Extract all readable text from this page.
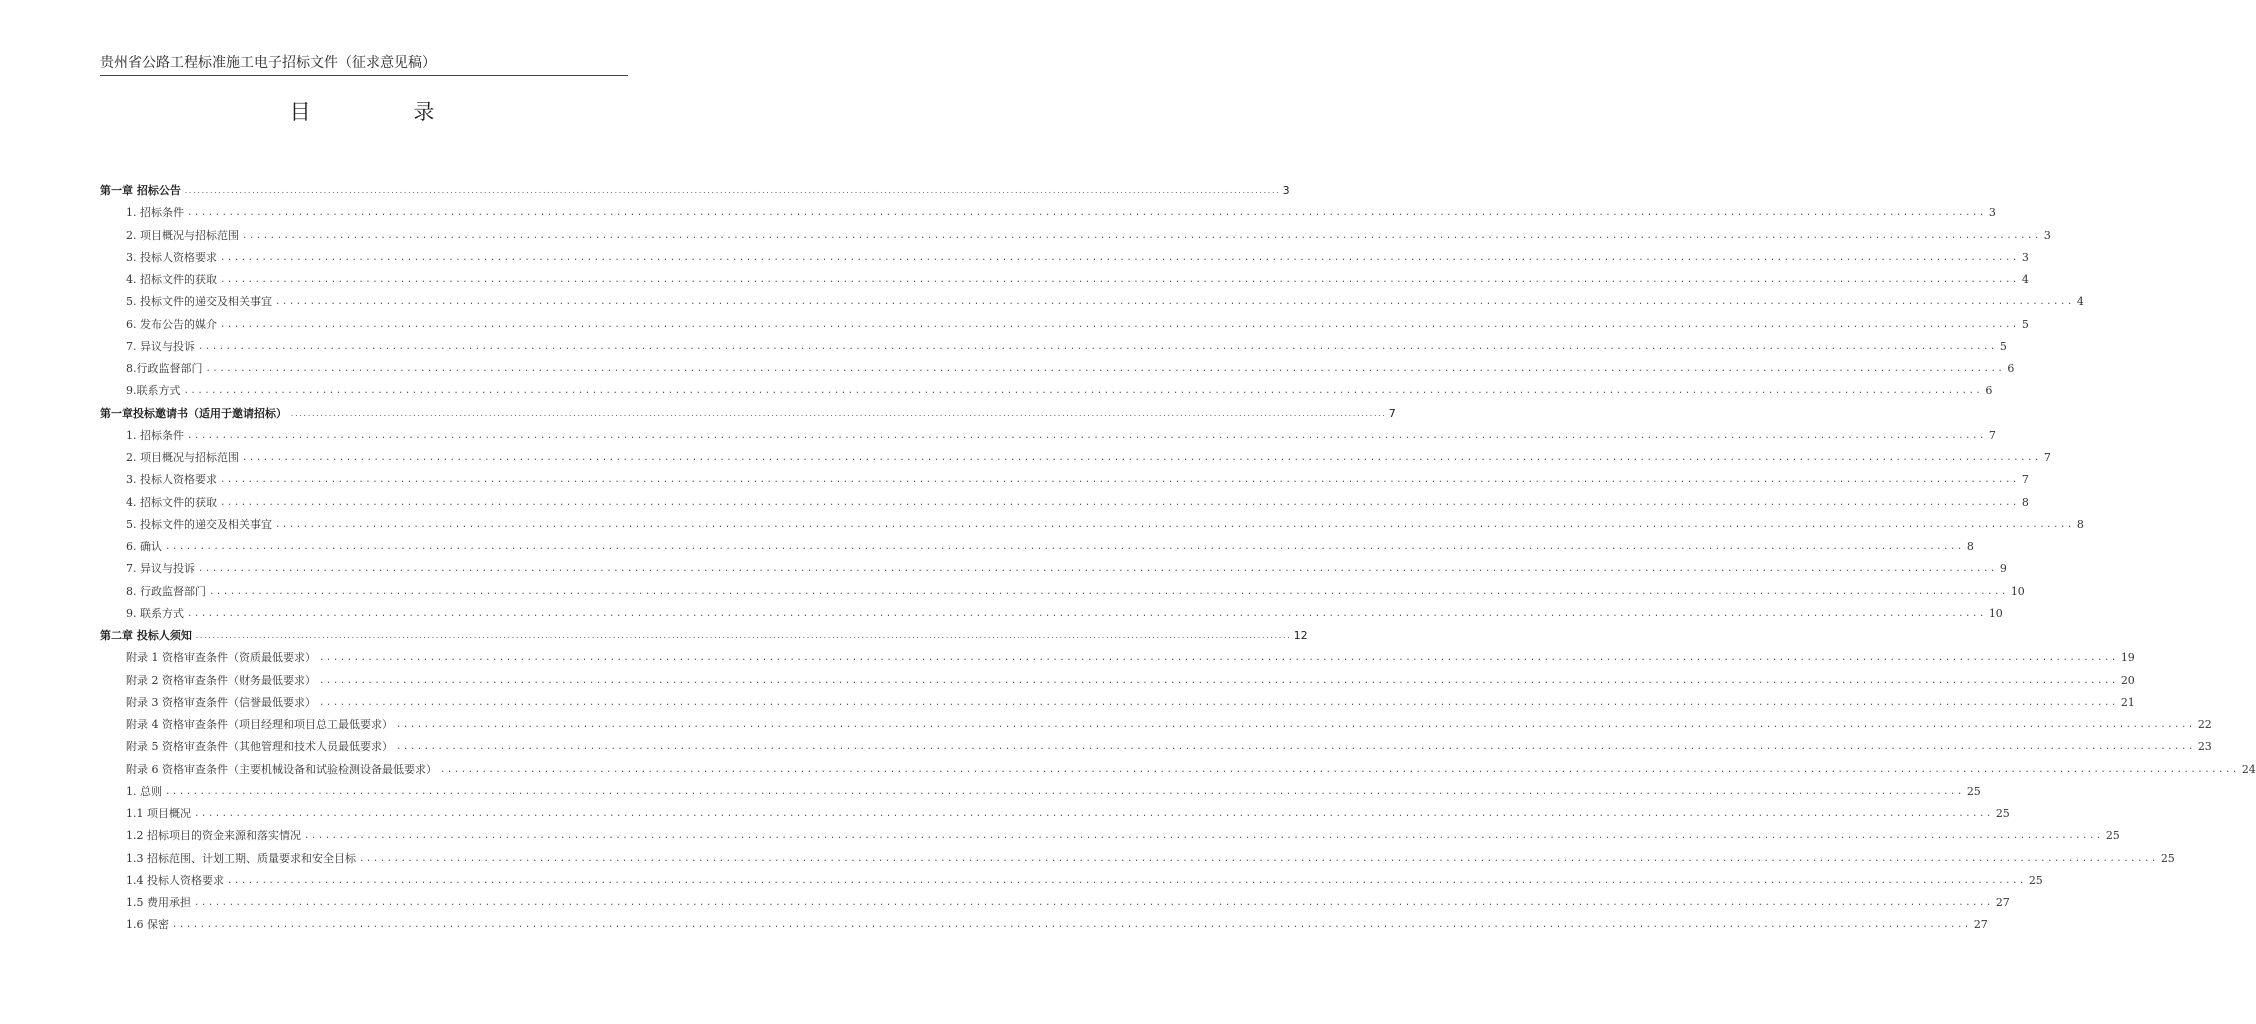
贵州省公路工程标准施工电子招标文件（征求意见稿）
目 录
第一章 招标公告 .................................................................................................................................................................................................................................................................... 3
1. 招标条件 .................................................................................................................................................................................................................................................................... 3
2. 项目概况与招标范围 .................................................................................................................................................................................................................................................................... 3
3. 投标人资格要求 .................................................................................................................................................................................................................................................................... 3
4. 招标文件的获取 .................................................................................................................................................................................................................................................................... 4
5. 投标文件的递交及相关事宜 .................................................................................................................................................................................................................................................................... 4
6. 发布公告的媒介 .................................................................................................................................................................................................................................................................... 5
7. 异议与投诉 .................................................................................................................................................................................................................................................................... 5
8.行政监督部门 .................................................................................................................................................................................................................................................................... 6
9.联系方式 .................................................................................................................................................................................................................................................................... 6
第一章投标邀请书（适用于邀请招标） .................................................................................................................................................................................................................................................................... 7
1. 招标条件 .................................................................................................................................................................................................................................................................... 7
2. 项目概况与招标范围 .................................................................................................................................................................................................................................................................... 7
3. 投标人资格要求 .................................................................................................................................................................................................................................................................... 7
4. 招标文件的获取 .................................................................................................................................................................................................................................................................... 8
5. 投标文件的递交及相关事宜 .................................................................................................................................................................................................................................................................... 8
6. 确认 .................................................................................................................................................................................................................................................................... 8
7. 异议与投诉 .................................................................................................................................................................................................................................................................... 9
8. 行政监督部门 .................................................................................................................................................................................................................................................................... 10
9. 联系方式 .................................................................................................................................................................................................................................................................... 10
第二章 投标人须知 .................................................................................................................................................................................................................................................................... 12
附录 1 资格审查条件（资质最低要求） .................................................................................................................................................................................................................................................................... 19
附录 2 资格审查条件（财务最低要求） .................................................................................................................................................................................................................................................................... 20
附录 3 资格审查条件（信誉最低要求） .................................................................................................................................................................................................................................................................... 21
附录 4 资格审查条件（项目经理和项目总工最低要求） .................................................................................................................................................................................................................................................................... 22
附录 5 资格审查条件（其他管理和技术人员最低要求） .................................................................................................................................................................................................................................................................... 23
附录 6 资格审查条件（主要机械设备和试验检测设备最低要求） .................................................................................................................................................................................................................................................................... 24
1. 总则 .................................................................................................................................................................................................................................................................... 25
1.1 项目概况 .................................................................................................................................................................................................................................................................... 25
1.2 招标项目的资金来源和落实情况 .................................................................................................................................................................................................................................................................... 25
1.3 招标范围、计划工期、质量要求和安全目标 .................................................................................................................................................................................................................................................................... 25
1.4 投标人资格要求 .................................................................................................................................................................................................................................................................... 25
1.5 费用承担 .................................................................................................................................................................................................................................................................... 27
1.6 保密 .................................................................................................................................................................................................................................................................... 27
